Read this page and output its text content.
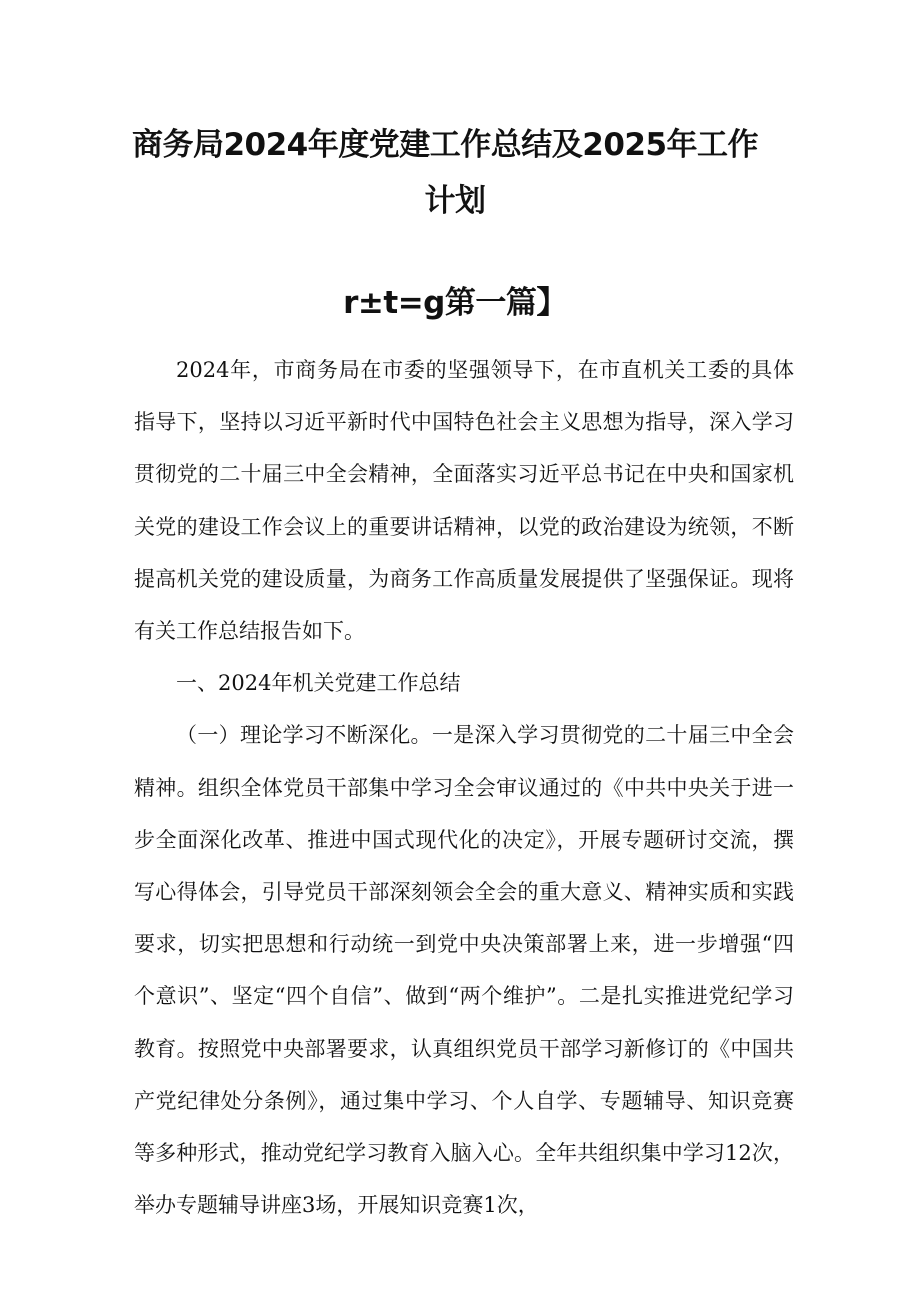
商务局2024年度党建工作总结及2025年工作
计划
r±t=g第一篇】

2024年，市商务局在市委的坚强领导下，在市直机关工委的具体指导下，坚持以习近平新时代中国特色社会主义思想为指导，深入学习贯彻党的二十届三中全会精神，全面落实习近平总书记在中央和国家机关党的建设工作会议上的重要讲话精神，以党的政治建设为统领，不断提高机关党的建设质量，为商务工作高质量发展提供了坚强保证。现将有关工作总结报告如下。

一、2024年机关党建工作总结

（一）理论学习不断深化。一是深入学习贯彻党的二十届三中全会精神。组织全体党员干部集中学习全会审议通过的《中共中央关于进一步全面深化改革、推进中国式现代化的决定》，开展专题研讨交流，撰写心得体会，引导党员干部深刻领会全会的重大意义、精神实质和实践要求，切实把思想和行动统一到党中央决策部署上来，进一步增强“四个意识”、坚定“四个自信”、做到“两个维护”。二是扎实推进党纪学习教育。按照党中央部署要求，认真组织党员干部学习新修订的《中国共产党纪律处分条例》，通过集中学习、个人自学、专题辅导、知识竞赛等多种形式，推动党纪学习教育入脑入心。全年共组织集中学习12次，举办专题辅导讲座3场，开展知识竞赛1次，
